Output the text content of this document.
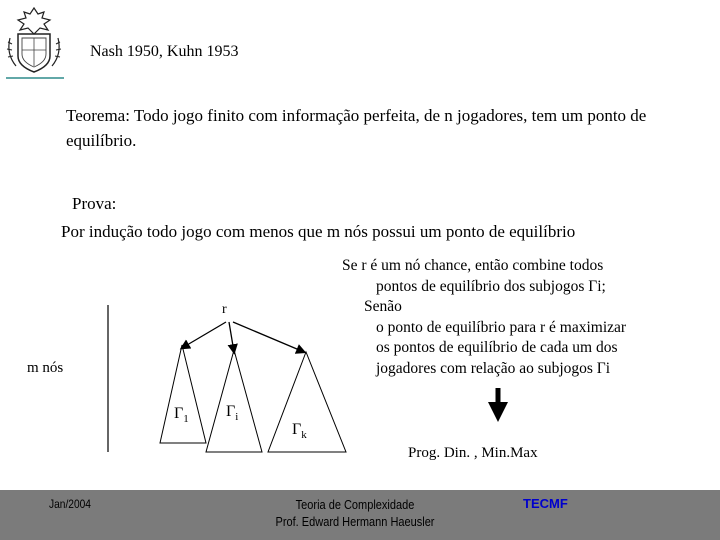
Nash 1950, Kuhn 1953
Teorema: Todo jogo finito com informação perfeita, de n jogadores, tem um ponto de equilíbrio.
Prova:
Por indução todo jogo com menos que m nós possui um ponto de equilíbrio
Se r é um nó chance, então combine todos
pontos de equilíbrio dos subjogos Γi;
Senão
o ponto de equilíbrio para r é maximizar
os pontos de equilíbrio de cada um dos
jogadores com relação ao subjogos Γi
r
m nós
$\Gamma_1$ $\Gamma_i$
$\Gamma_k$
Prog. Din. , Min.Max
Jan/2004	Teoria de Complexidade
Prof. Edward Hermann Haeusler
TECMF
